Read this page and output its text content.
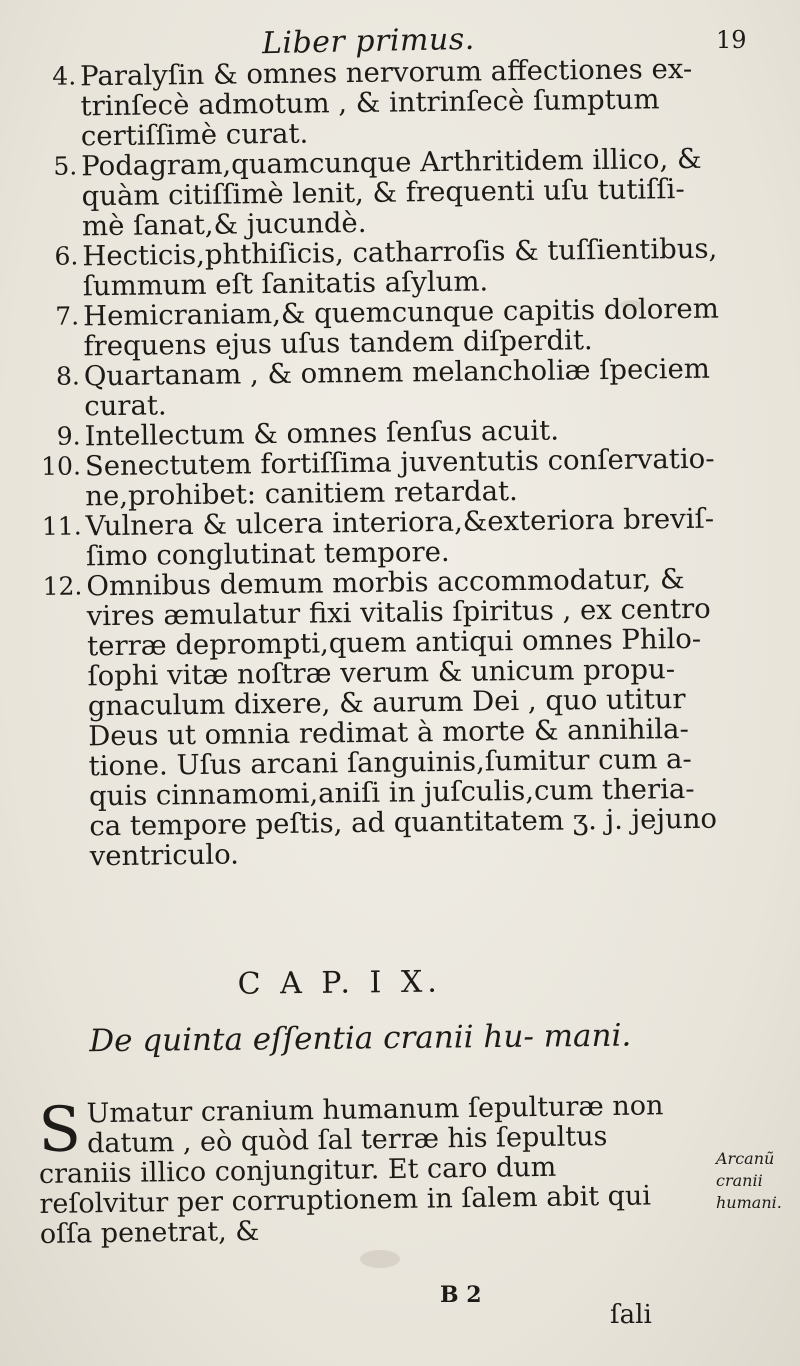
Liber primus.	19
4. Paralyſin & omnes nervorum affectiones ex- trinſecè admotum , & intrinſecè ſumptum certiſſimè curat.
5. Podagram,quamcunque Arthritidem illico, & quàm citiſſimè lenit, & frequenti uſu tutiſſi- mè ſanat,& jucundè.
6. Hecticis,phthiſicis, catharroſis & tuſſientibus, ſummum eſt ſanitatis aſylum.
7. Hemicraniam,& quemcunque capitis dolorem frequens ejus uſus tandem diſperdit.
8. Quartanam , & omnem melancholiæ ſpeciem curat.
9. Intellectum & omnes ſenſus acuit.
10. Senectutem fortiſſima juventutis conſervatio- ne,prohibet: canitiem retardat.
11. Vulnera & ulcera interiora,&exteriora breviſ- ſimo conglutinat tempore.
12. Omnibus demum morbis accommodatur, & vires æmulatur fixi vitalis ſpiritus , ex centro terræ deprompti,quem antiqui omnes Philo- ſophi vitæ noſtræ verum & unicum propu- gnaculum dixere, & aurum Dei , quo utitur Deus ut omnia redimat à morte & annihila- tione. Uſus arcani ſanguinis,ſumitur cum a- quis cinnamomi,aniſi in juſculis,cum theria- ca tempore peſtis, ad quantitatem ʒ. j. jejuno ventriculo.
C A P. I X.
De quinta eſſentia cranii hu- mani.
S Umatur cranium humanum ſepulturæ non datum , eò quòd ſal terræ his ſepultus craniis illico conjungitur. Et caro dum reſolvitur per corruptionem in ſalem abit qui oſſa penetrat, &
Arcanũ cranii humani.
B 2
ſali
